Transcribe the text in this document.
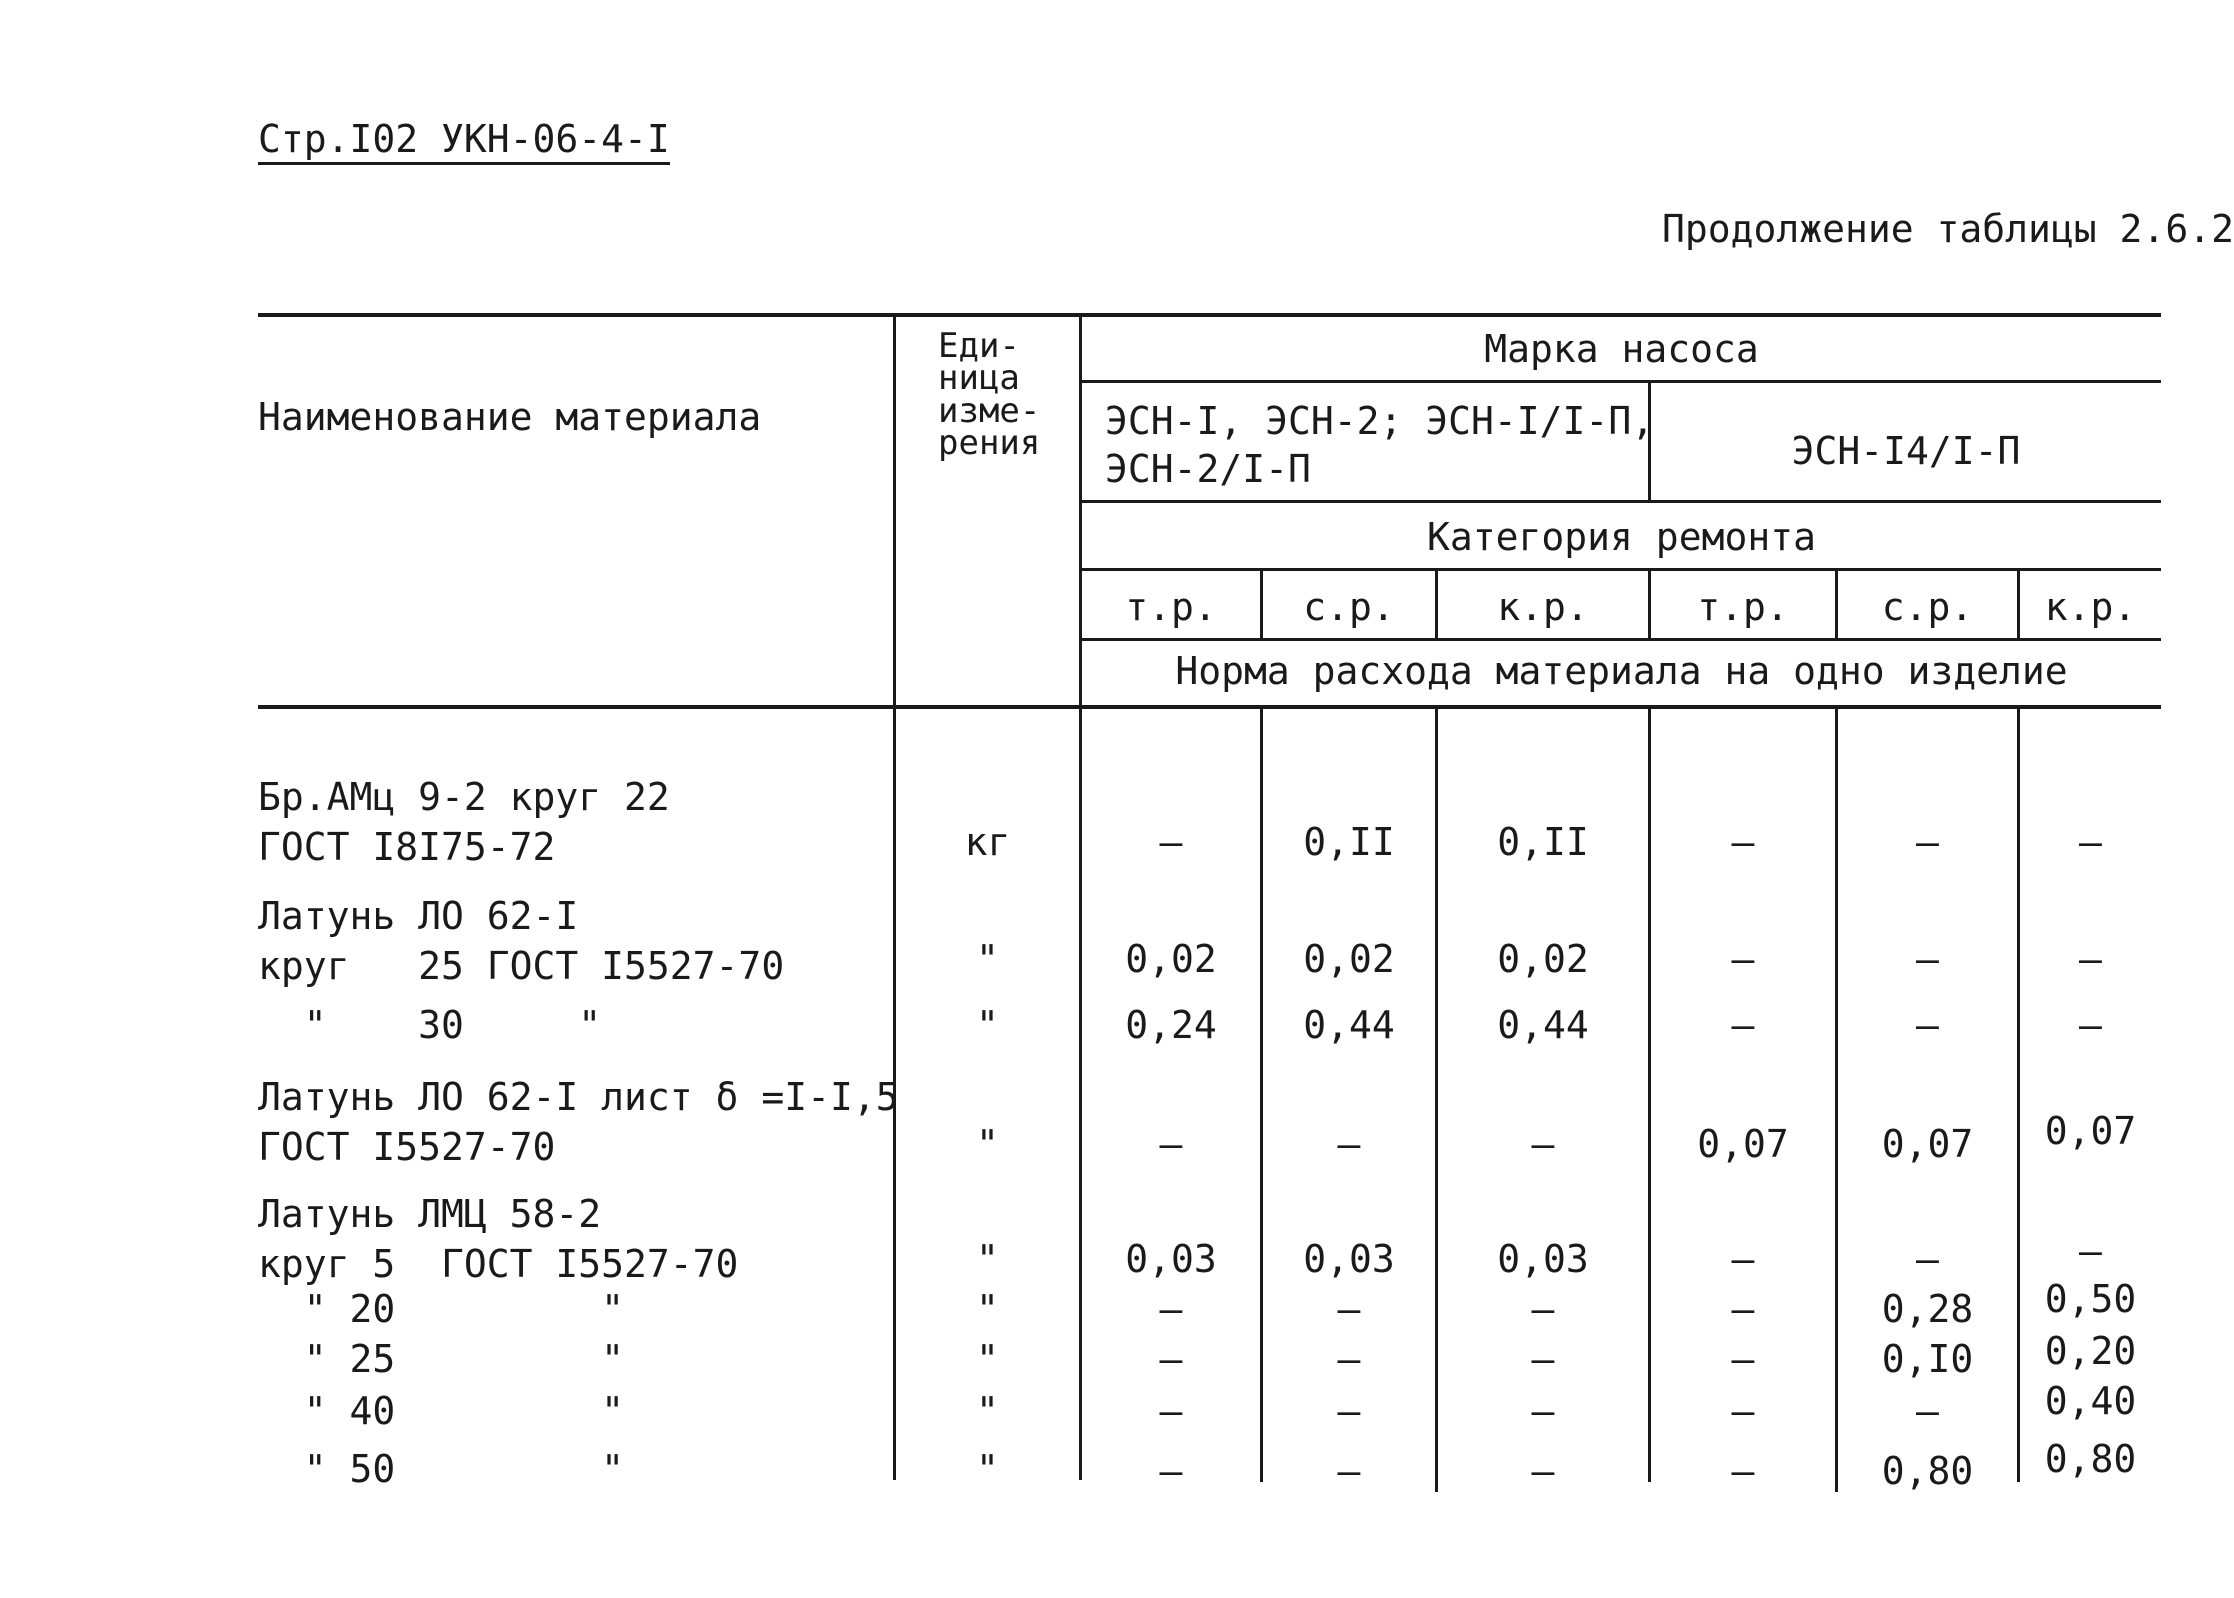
Стр.I02 УКН-06-4-I
Продолжение таблицы 2.6.2
Наименование материала
Еди-
ница
изме-
рения
Марка насоса
ЭСН-I, ЭСН-2; ЭСН-I/I-П,
ЭСН-2/I-П	ЭСН-I4/I-П
Категория ремонта
т.р.	с.р.	к.р.	т.р.	с.р.	к.р.
Норма расхода материала на одно изделие
Бр.АМц 9-2 круг 22
ГОСТ I8I75-72	кг	–	0,II	0,II	–	–	–
Латунь ЛО 62-I
круг   25 ГОСТ I5527-70	"	0,02	0,02	0,02	–	–	–
"    30     "	"	0,24	0,44	0,44	–	–	–
Латунь ЛО 62-I лист δ =I-I,5
ГОСТ I5527-70	"	–	–	–	0,07	0,07	0,07
Латунь ЛМЦ 58-2
круг 5  ГОСТ I5527-70	"	0,03	0,03	0,03	–	–	–
" 20         "	"	–	–	–	–	0,28	0,50
" 25         "	"	–	–	–	–	0,I0	0,20
" 40         "	"	–	–	–	–	–	0,40
" 50         "	"	–	–	–	–	0,80	0,80
